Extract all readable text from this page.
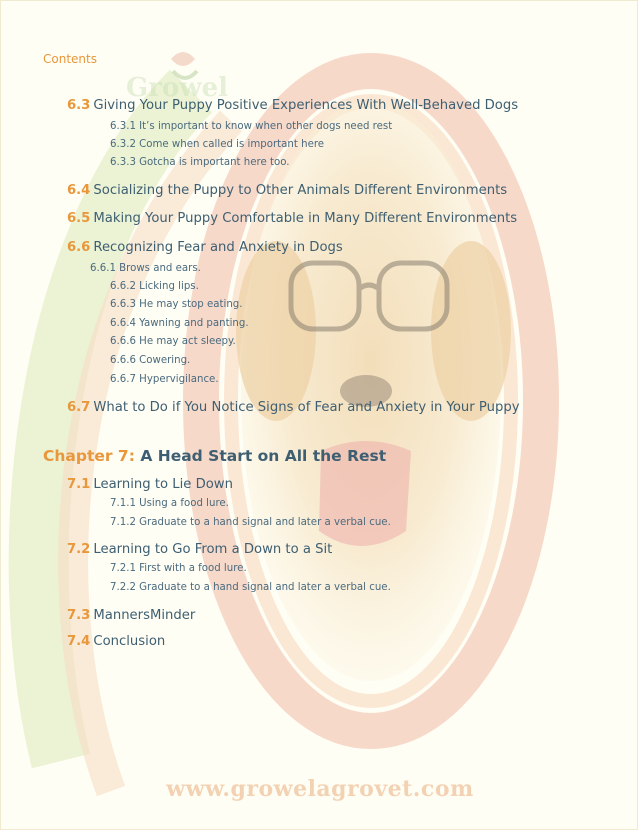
Growel
Contents
6.3 Giving Your Puppy Positive Experiences With Well-Behaved Dogs
6.3.1 It’s important to know when other dogs need rest
6.3.2 Come when called is important here
6.3.3 Gotcha is important here too.
6.4 Socializing the Puppy to Other Animals Different Environments
6.5 Making Your Puppy Comfortable in Many Different Environments
6.6 Recognizing Fear and Anxiety in Dogs
6.6.1 Brows and ears.
6.6.2 Licking lips.
6.6.3 He may stop eating.
6.6.4 Yawning and panting.
6.6.6 He may act sleepy.
6.6.6 Cowering.
6.6.7 Hypervigilance.
6.7 What to Do if You Notice Signs of Fear and Anxiety in Your Puppy
Chapter 7: A Head Start on All the Rest
7.1 Learning to Lie Down
7.1.1 Using a food lure.
7.1.2 Graduate to a hand signal and later a verbal cue.
7.2 Learning to Go From a Down to a Sit
7.2.1 First with a food lure.
7.2.2 Graduate to a hand signal and later a verbal cue.
7.3 MannersMinder
7.4 Conclusion
www.growelagrovet.com
